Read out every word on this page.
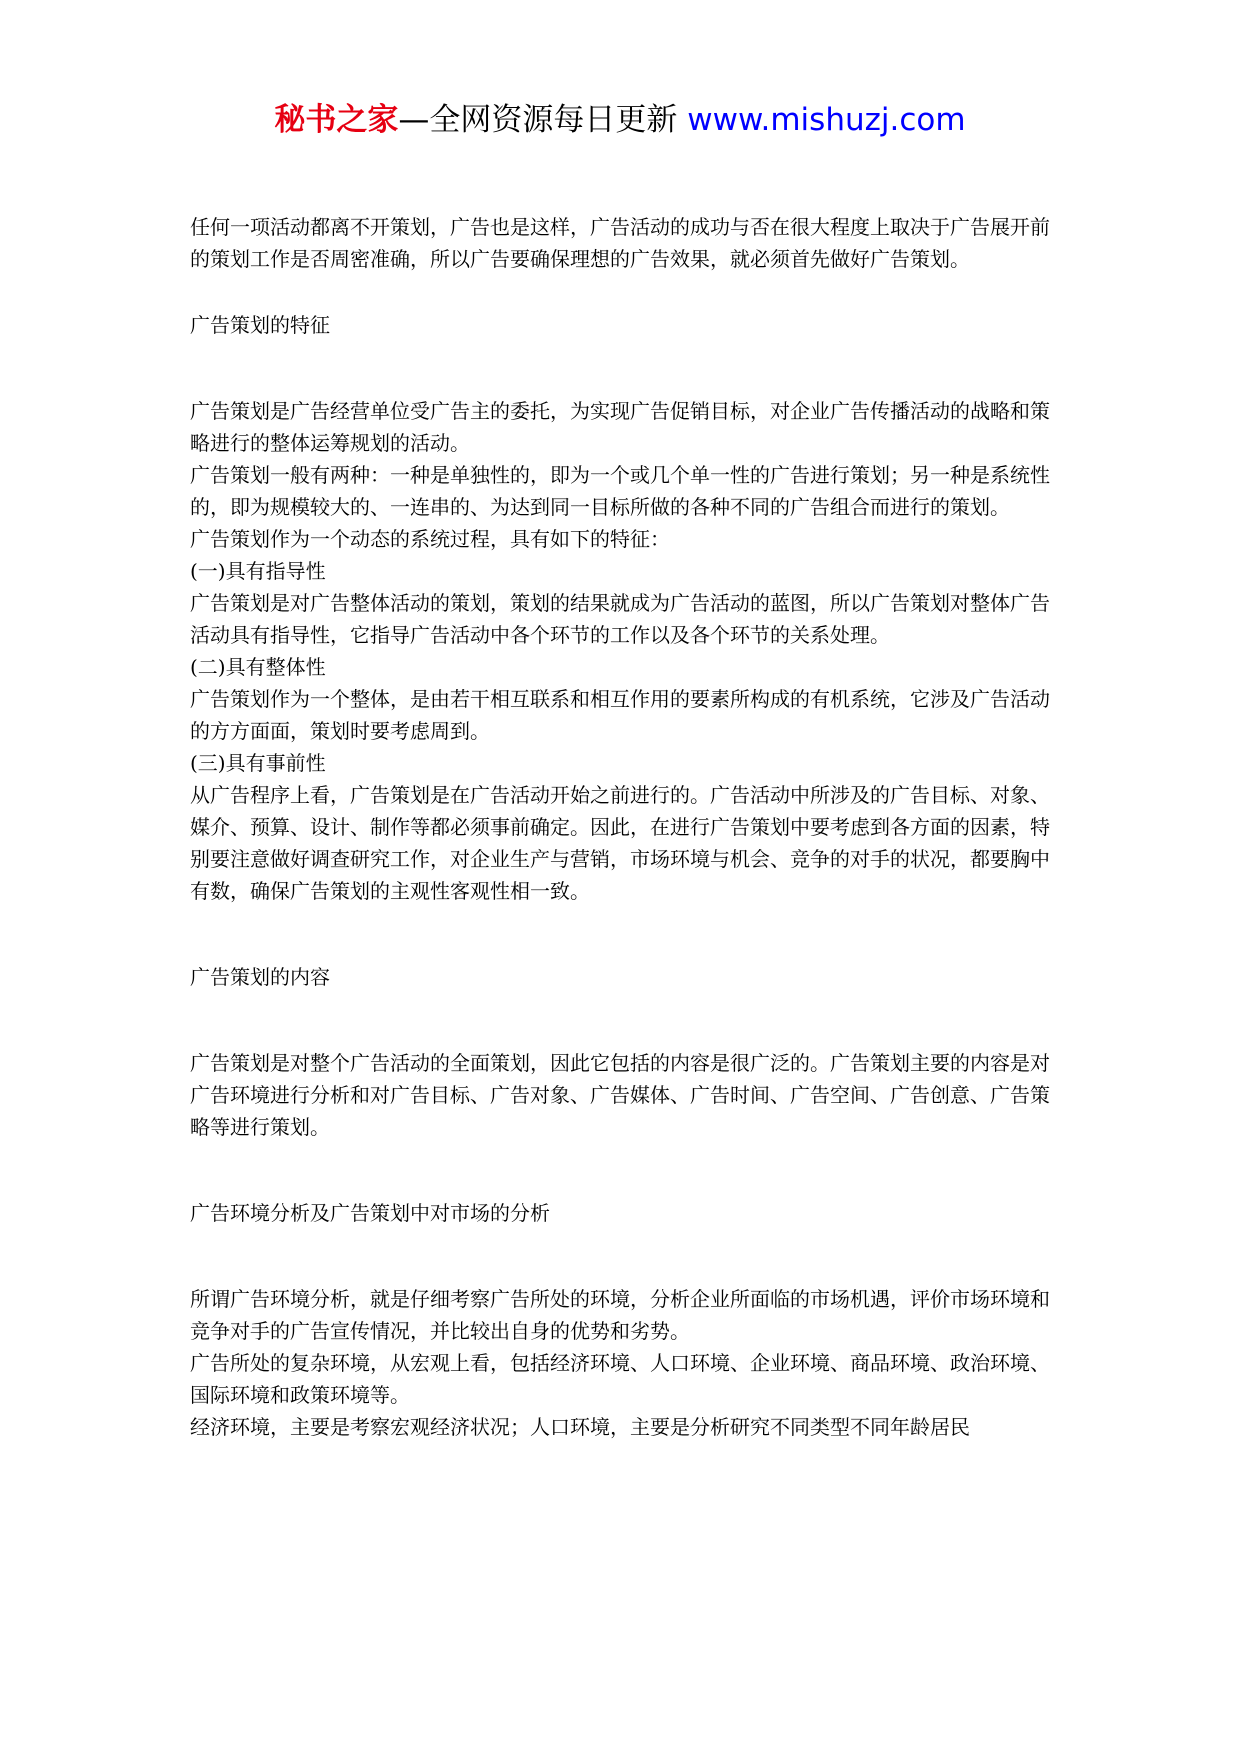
秘书之家—全网资源每日更新 www.mishuzj.com

任何一项活动都离不开策划，广告也是这样，广告活动的成功与否在很大程度上取决于广告展开前的策划工作是否周密准确，所以广告要确保理想的广告效果，就必须首先做好广告策划。

广告策划的特征

广告策划是广告经营单位受广告主的委托，为实现广告促销目标，对企业广告传播活动的战略和策略进行的整体运筹规划的活动。

广告策划一般有两种：一种是单独性的，即为一个或几个单一性的广告进行策划；另一种是系统性的，即为规模较大的、一连串的、为达到同一目标所做的各种不同的广告组合而进行的策划。

广告策划作为一个动态的系统过程，具有如下的特征：

(一)具有指导性

广告策划是对广告整体活动的策划，策划的结果就成为广告活动的蓝图，所以广告策划对整体广告活动具有指导性，它指导广告活动中各个环节的工作以及各个环节的关系处理。

(二)具有整体性

广告策划作为一个整体，是由若干相互联系和相互作用的要素所构成的有机系统，它涉及广告活动的方方面面，策划时要考虑周到。

(三)具有事前性

从广告程序上看，广告策划是在广告活动开始之前进行的。广告活动中所涉及的广告目标、对象、媒介、预算、设计、制作等都必须事前确定。因此，在进行广告策划中要考虑到各方面的因素，特别要注意做好调查研究工作，对企业生产与营销，市场环境与机会、竞争的对手的状况，都要胸中有数，确保广告策划的主观性客观性相一致。

广告策划的内容

广告策划是对整个广告活动的全面策划，因此它包括的内容是很广泛的。广告策划主要的内容是对广告环境进行分析和对广告目标、广告对象、广告媒体、广告时间、广告空间、广告创意、广告策略等进行策划。

广告环境分析及广告策划中对市场的分析

所谓广告环境分析，就是仔细考察广告所处的环境，分析企业所面临的市场机遇，评价市场环境和竞争对手的广告宣传情况，并比较出自身的优势和劣势。

广告所处的复杂环境，从宏观上看，包括经济环境、人口环境、企业环境、商品环境、政治环境、国际环境和政策环境等。

经济环境，主要是考察宏观经济状况；人口环境，主要是分析研究不同类型不同年龄居民
